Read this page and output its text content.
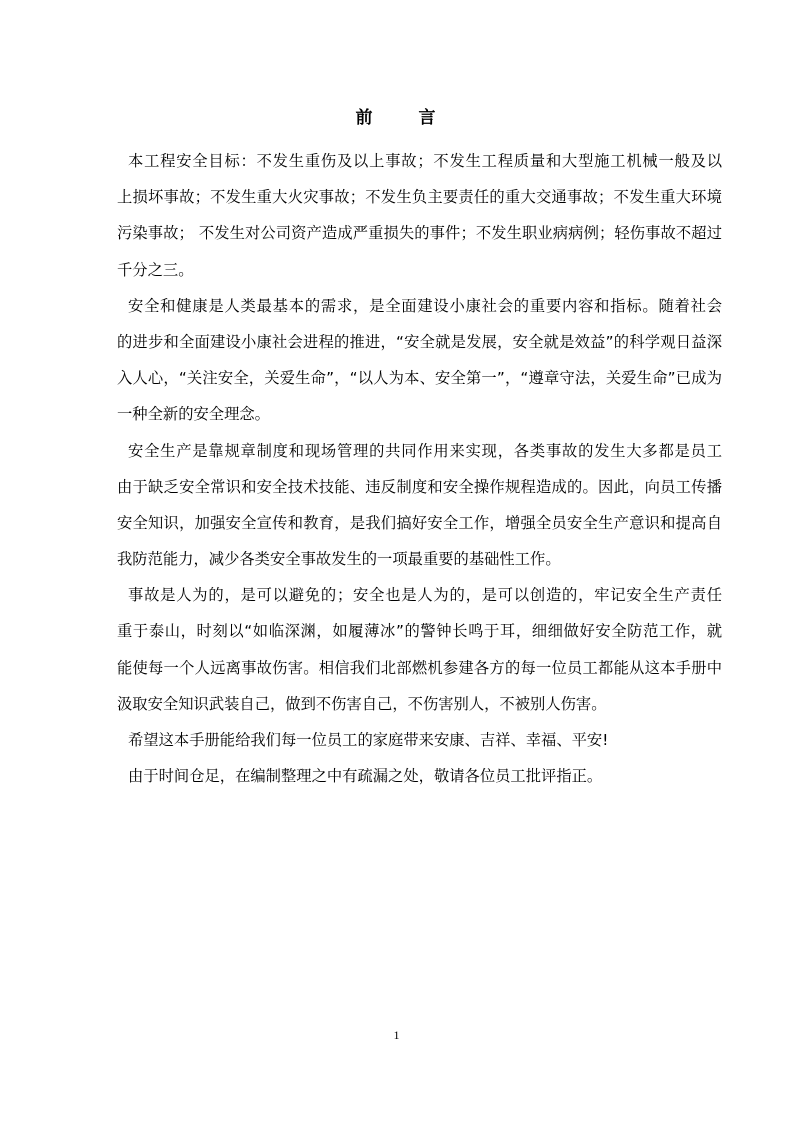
前	言
本工程安全目标：不发生重伤及以上事故；不发生工程质量和大型施工机械一般及以
上损坏事故；不发生重大火灾事故；不发生负主要责任的重大交通事故；不发生重大环境
污染事故； 不发生对公司资产造成严重损失的事件；不发生职业病病例；轻伤事故不超过
千分之三。
安全和健康是人类最基本的需求，是全面建设小康社会的重要内容和指标。随着社会
的进步和全面建设小康社会进程的推进，“安全就是发展，安全就是效益”的科学观日益深
入人心，“关注安全，关爱生命”，“以人为本、安全第一”，“遵章守法，关爱生命”已成为
一种全新的安全理念。
安全生产是靠规章制度和现场管理的共同作用来实现，各类事故的发生大多都是员工
由于缺乏安全常识和安全技术技能、违反制度和安全操作规程造成的。因此，向员工传播
安全知识，加强安全宣传和教育，是我们搞好安全工作，增强全员安全生产意识和提高自
我防范能力，减少各类安全事故发生的一项最重要的基础性工作。
事故是人为的，是可以避免的；安全也是人为的，是可以创造的，牢记安全生产责任
重于泰山，时刻以“如临深渊，如履薄冰”的警钟长鸣于耳，细细做好安全防范工作，就
能使每一个人远离事故伤害。相信我们北部燃机参建各方的每一位员工都能从这本手册中
汲取安全知识武装自己，做到不伤害自己，不伤害别人，不被别人伤害。
希望这本手册能给我们每一位员工的家庭带来安康、吉祥、幸福、平安!
由于时间仓足，在编制整理之中有疏漏之处，敬请各位员工批评指正。
1
